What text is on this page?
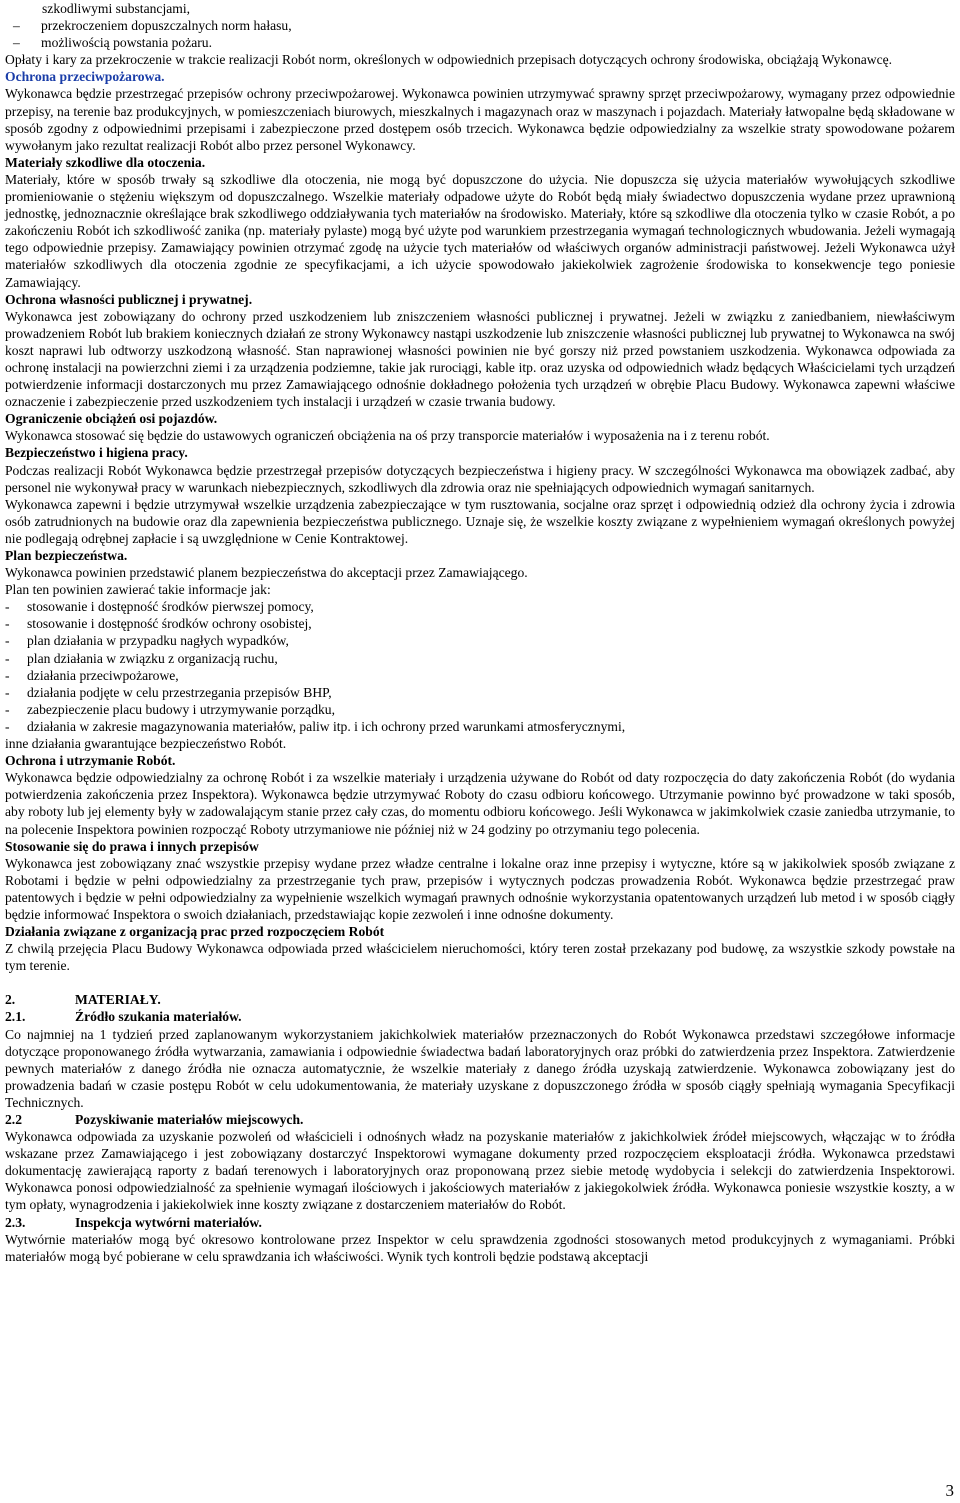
szkodliwymi substancjami,
–	przekroczeniem dopuszczalnych norm hałasu,
–	możliwością powstania pożaru.

Opłaty i kary za przekroczenie w trakcie realizacji Robót norm, określonych w odpowiednich przepisach dotyczących ochrony środowiska, obciążają Wykonawcę.

Ochrona przeciwpożarowa.

Wykonawca będzie przestrzegać przepisów ochrony przeciwpożarowej. Wykonawca powinien utrzymywać sprawny sprzęt przeciwpożarowy, wymagany przez odpowiednie przepisy, na terenie baz produkcyjnych, w pomieszczeniach biurowych, mieszkalnych i magazynach oraz w maszynach i pojazdach. Materiały łatwopalne będą składowane w sposób zgodny z odpowiednimi przepisami i zabezpieczone przed dostępem osób trzecich. Wykonawca będzie odpowiedzialny za wszelkie straty spowodowane pożarem wywołanym jako rezultat realizacji Robót albo przez personel Wykonawcy.

Materiały szkodliwe dla otoczenia.

Materiały, które w sposób trwały są szkodliwe dla otoczenia, nie mogą być dopuszczone do użycia. Nie dopuszcza się użycia materiałów wywołujących szkodliwe promieniowanie o stężeniu większym od dopuszczalnego. Wszelkie materiały odpadowe użyte do Robót będą miały świadectwo dopuszczenia wydane przez uprawnioną jednostkę, jednoznacznie określające brak szkodliwego oddziaływania tych materiałów na środowisko. Materiały, które są szkodliwe dla otoczenia tylko w czasie Robót, a po zakończeniu Robót ich szkodliwość zanika (np. materiały pylaste) mogą być użyte pod warunkiem przestrzegania wymagań technologicznych wbudowania. Jeżeli wymagają tego odpowiednie przepisy. Zamawiający powinien otrzymać zgodę na użycie tych materiałów od właściwych organów administracji państwowej. Jeżeli Wykonawca użył materiałów szkodliwych dla otoczenia zgodnie ze specyfikacjami, a ich użycie spowodowało jakiekolwiek zagrożenie środowiska to konsekwencje tego poniesie Zamawiający.

Ochrona własności publicznej i prywatnej.

Wykonawca jest zobowiązany do ochrony przed uszkodzeniem lub zniszczeniem własności publicznej i prywatnej. Jeżeli w związku z zaniedbaniem, niewłaściwym prowadzeniem Robót lub brakiem koniecznych działań ze strony Wykonawcy nastąpi uszkodzenie lub zniszczenie własności publicznej lub prywatnej to Wykonawca na swój koszt naprawi lub odtworzy uszkodzoną własność. Stan naprawionej własności powinien nie być gorszy niż przed powstaniem uszkodzenia. Wykonawca odpowiada za ochronę instalacji na powierzchni ziemi i za urządzenia podziemne, takie jak rurociągi, kable itp. oraz uzyska od odpowiednich władz będących Właścicielami tych urządzeń potwierdzenie informacji dostarczonych mu przez Zamawiającego odnośnie dokładnego położenia tych urządzeń w obrębie Placu Budowy. Wykonawca zapewni właściwe oznaczenie i zabezpieczenie przed uszkodzeniem tych instalacji i urządzeń w czasie trwania budowy.

Ograniczenie obciążeń osi pojazdów.

Wykonawca stosować się będzie do ustawowych ograniczeń obciążenia na oś przy transporcie materiałów i wyposażenia na i z terenu robót.

Bezpieczeństwo i higiena pracy.

Podczas realizacji Robót Wykonawca będzie przestrzegał przepisów dotyczących bezpieczeństwa i higieny pracy. W szczególności Wykonawca ma obowiązek zadbać, aby personel nie wykonywał pracy w warunkach niebezpiecznych, szkodliwych dla zdrowia oraz nie spełniających odpowiednich wymagań sanitarnych.

Wykonawca zapewni i będzie utrzymywał wszelkie urządzenia zabezpieczające w tym rusztowania, socjalne oraz sprzęt i odpowiednią odzież dla ochrony życia i zdrowia osób zatrudnionych na budowie oraz dla zapewnienia bezpieczeństwa publicznego. Uznaje się, że wszelkie koszty związane z wypełnieniem wymagań określonych powyżej nie podlegają odrębnej zapłacie i są uwzględnione w Cenie Kontraktowej.

Plan bezpieczeństwa.

Wykonawca powinien przedstawić planem bezpieczeństwa do akceptacji przez Zamawiającego.

Plan ten powinien zawierać takie informacje jak:

-	stosowanie i dostępność środków pierwszej pomocy,
-	stosowanie i dostępność środków ochrony osobistej,
-	plan działania w przypadku nagłych wypadków,
-	plan działania w związku z organizacją ruchu,
-	działania przeciwpożarowe,
-	działania podjęte w celu przestrzegania przepisów BHP,
-	zabezpieczenie placu budowy i utrzymywanie porządku,
-	działania w zakresie magazynowania materiałów, paliw itp. i ich ochrony przed warunkami atmosferycznymi,

inne działania gwarantujące bezpieczeństwo Robót.

Ochrona i utrzymanie Robót.

Wykonawca będzie odpowiedzialny za ochronę Robót i za wszelkie materiały i urządzenia używane do Robót od daty rozpoczęcia do daty zakończenia Robót (do wydania potwierdzenia zakończenia przez Inspektora). Wykonawca będzie utrzymywać Roboty do czasu odbioru końcowego. Utrzymanie powinno być prowadzone w taki sposób, aby roboty lub jej elementy były w zadowalającym stanie przez cały czas, do momentu odbioru końcowego. Jeśli Wykonawca w jakimkolwiek czasie zaniedba utrzymanie, to na polecenie Inspektora powinien rozpocząć Roboty utrzymaniowe nie później niż w 24 godziny po otrzymaniu tego polecenia.

Stosowanie się do prawa i innych przepisów

Wykonawca jest zobowiązany znać wszystkie przepisy wydane przez władze centralne i lokalne oraz inne przepisy i wytyczne, które są w jakikolwiek sposób związane z Robotami i będzie w pełni odpowiedzialny za przestrzeganie tych praw, przepisów i wytycznych podczas prowadzenia Robót. Wykonawca będzie przestrzegać praw patentowych i będzie w pełni odpowiedzialny za wypełnienie wszelkich wymagań prawnych odnośnie wykorzystania opatentowanych urządzeń lub metod i w sposób ciągły będzie informować Inspektora o swoich działaniach, przedstawiając kopie zezwoleń i inne odnośne dokumenty.

Działania związane z organizacją prac przed rozpoczęciem Robót

Z chwilą przejęcia Placu Budowy Wykonawca odpowiada przed właścicielem nieruchomości, który teren został przekazany pod budowę, za wszystkie szkody powstałe na tym terenie.

2.	MATERIAŁY.
2.1.	Źródło szukania materiałów.

Co najmniej na 1 tydzień przed zaplanowanym wykorzystaniem jakichkolwiek materiałów przeznaczonych do Robót Wykonawca przedstawi szczegółowe informacje dotyczące proponowanego źródła wytwarzania, zamawiania i odpowiednie świadectwa badań laboratoryjnych oraz próbki do zatwierdzenia przez Inspektora. Zatwierdzenie pewnych materiałów z danego źródła nie oznacza automatycznie, że wszelkie materiały z danego źródła uzyskają zatwierdzenie. Wykonawca zobowiązany jest do prowadzenia badań w czasie postępu Robót w celu udokumentowania, że materiały uzyskane z dopuszczonego źródła w sposób ciągły spełniają wymagania Specyfikacji Technicznych.

2.2	Pozyskiwanie materiałów miejscowych.

Wykonawca odpowiada za uzyskanie pozwoleń od właścicieli i odnośnych władz na pozyskanie materiałów z jakichkolwiek źródeł miejscowych, włączając w to źródła wskazane przez Zamawiającego i jest zobowiązany dostarczyć Inspektorowi wymagane dokumenty przed rozpoczęciem eksploatacji źródła. Wykonawca przedstawi dokumentację zawierającą raporty z badań terenowych i laboratoryjnych oraz proponowaną przez siebie metodę wydobycia i selekcji do zatwierdzenia Inspektorowi. Wykonawca ponosi odpowiedzialność za spełnienie wymagań ilościowych i jakościowych materiałów z jakiegokolwiek źródła. Wykonawca poniesie wszystkie koszty, a w tym opłaty, wynagrodzenia i jakiekolwiek inne koszty związane z dostarczeniem materiałów do Robót.

2.3.	Inspekcja wytwórni materiałów.

Wytwórnie materiałów mogą być okresowo kontrolowane przez Inspektor w celu sprawdzenia zgodności stosowanych metod produkcyjnych z wymaganiami. Próbki materiałów mogą być pobierane w celu sprawdzania ich właściwości. Wynik tych kontroli będzie podstawą akceptacji

3
